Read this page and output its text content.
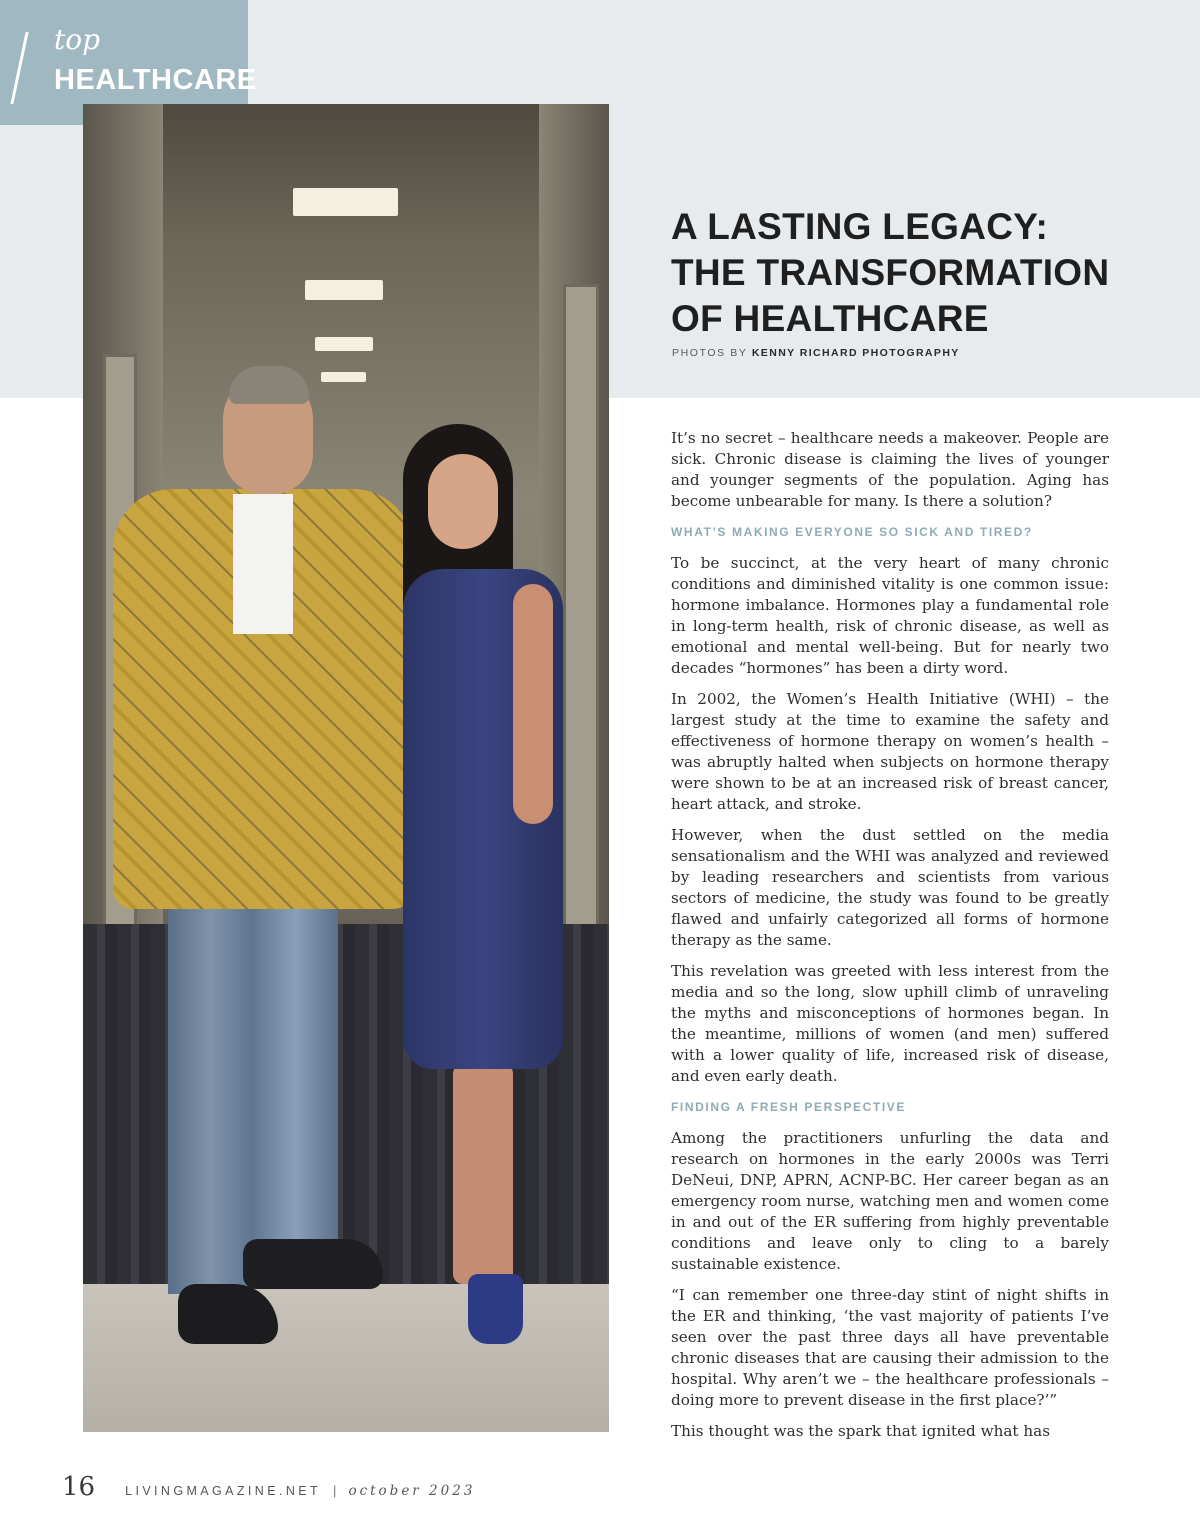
top
HEALTHCARE
A LASTING LEGACY:
THE TRANSFORMATION
OF HEALTHCARE
PHOTOS BY KENNY RICHARD PHOTOGRAPHY

It’s no secret – healthcare needs a makeover. People are sick. Chronic disease is claiming the lives of younger and younger segments of the population. Aging has become unbearable for many. Is there a solution?

WHAT’S MAKING EVERYONE SO SICK AND TIRED?

To be succinct, at the very heart of many chronic conditions and diminished vitality is one common issue: hormone imbalance. Hormones play a fundamental role in long-term health, risk of chronic disease, as well as emotional and mental well-being. But for nearly two decades “hormones” has been a dirty word.

In 2002, the Women’s Health Initiative (WHI) – the largest study at the time to examine the safety and effectiveness of hormone therapy on women’s health – was abruptly halted when subjects on hormone therapy were shown to be at an increased risk of breast cancer, heart attack, and stroke.

However, when the dust settled on the media sensationalism and the WHI was analyzed and reviewed by leading researchers and scientists from various sectors of medicine, the study was found to be greatly flawed and unfairly categorized all forms of hormone therapy as the same.

This revelation was greeted with less interest from the media and so the long, slow uphill climb of unraveling the myths and misconceptions of hormones began. In the meantime, millions of women (and men) suffered with a lower quality of life, increased risk of disease, and even early death.

FINDING A FRESH PERSPECTIVE

Among the practitioners unfurling the data and research on hormones in the early 2000s was Terri DeNeui, DNP, APRN, ACNP-BC. Her career began as an emergency room nurse, watching men and women come in and out of the ER suffering from highly preventable conditions and leave only to cling to a barely sustainable existence.

“I can remember one three-day stint of night shifts in the ER and thinking, ‘the vast majority of patients I’ve seen over the past three days all have preventable chronic diseases that are causing their admission to the hospital. Why aren’t we – the healthcare professionals – doing more to prevent disease in the first place?’”

This thought was the spark that ignited what has

16 LIVINGMAGAZINE.NET | october 2023
